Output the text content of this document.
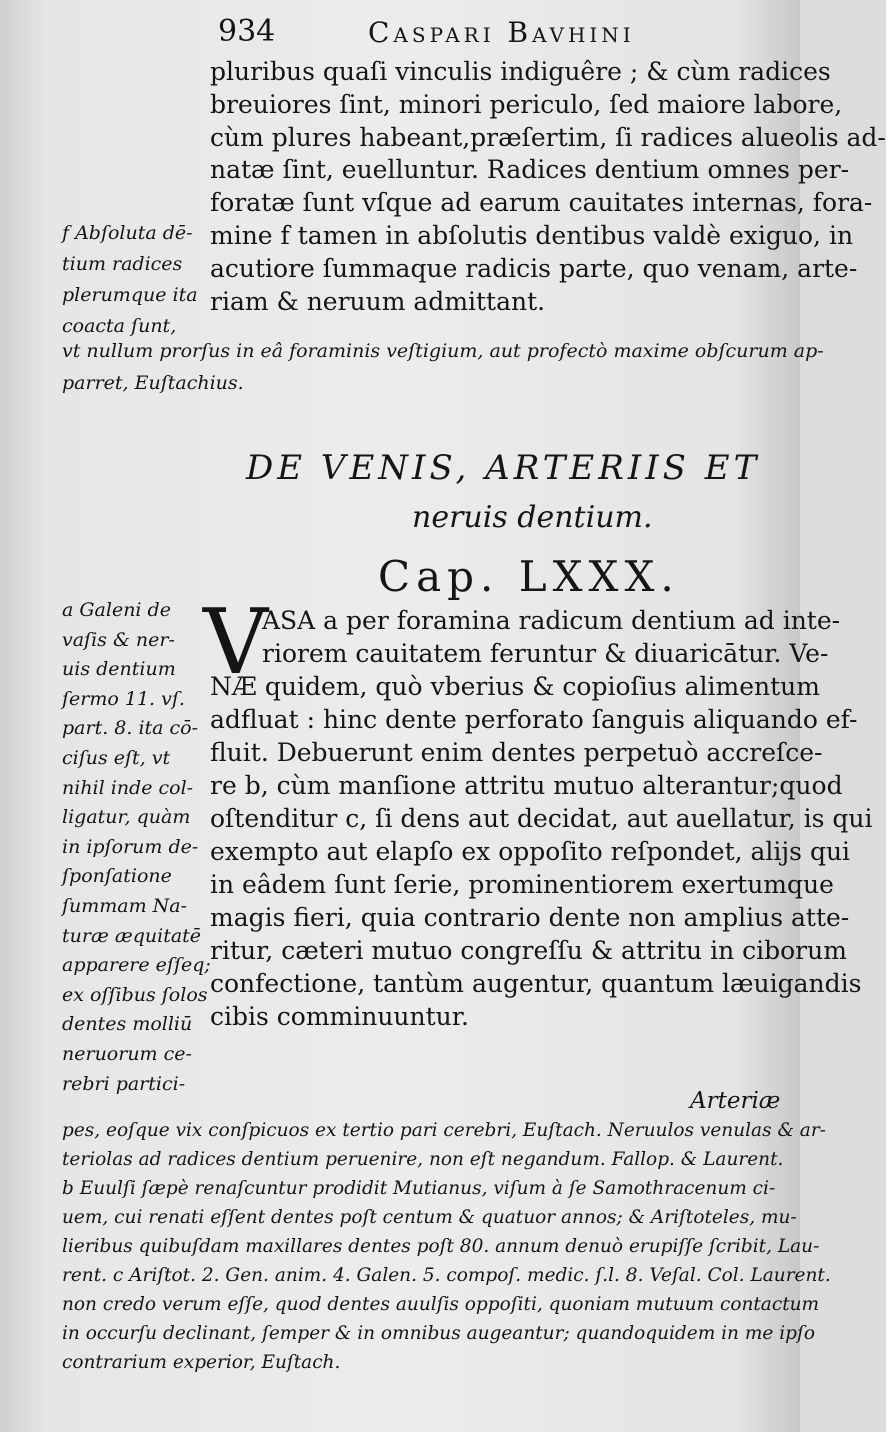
934	Caspari Bavhini
pluribus quaſi vinculis indiguêre ; & cùm radices
breuiores ſint, minori periculo, ſed maiore labore,
cùm plures habeant,præſertim, ſi radices alueolis ad-
natæ ſint, euelluntur. Radices dentium omnes per-
foratæ ſunt vſque ad earum cauitates internas, fora-
mine f tamen in abſolutis dentibus valdè exiguo, in
acutiore ſummaque radicis parte, quo venam, arte-
riam & neruum admittant.
f Abſoluta dē-
tium radices
plerumque ita
coacta ſunt,
vt nullum prorſus in eâ foraminis veſtigium, aut profectò maxime obſcurum ap-
parret, Euſtachius.
DE VENIS, ARTERIIS ET
neruis dentium.
Cap. LXXX.
V
ASA a per foramina radicum dentium ad inte-
riorem cauitatem feruntur & diuaricātur. Ve-
NÆ quidem, quò vberius & copioſius alimentum
adfluat : hinc dente perforato ſanguis aliquando ef-
fluit. Debuerunt enim dentes perpetuò accreſce-
re b, cùm manſione attritu mutuo alterantur;quod
oſtenditur c, ſi dens aut decidat, aut auellatur, is qui
exempto aut elapſo ex oppoſito reſpondet, alijs qui
in eâdem ſunt ſerie, prominentiorem exertumque
magis fieri, quia contrario dente non amplius atte-
ritur, cæteri mutuo congreſſu & attritu in ciborum
confectione, tantùm augentur, quantum læuigandis
cibis comminuuntur.
a Galeni de
vaſis & ner-
uis dentium
ſermo 11. vſ.
part. 8. ita cō-
ciſus eſt, vt
nihil inde col-
ligatur, quàm
in ipſorum de-
ſponſatione
ſummam Na-
turæ æquitatē
apparere eſſeq;
ex oſſibus ſolos
dentes molliū
neruorum ce-
rebri partici-
Arteriæ
pes, eoſque vix conſpicuos ex tertio pari cerebri, Euſtach. Neruulos venulas & ar-
teriolas ad radices dentium peruenire, non eſt negandum. Fallop. & Laurent.
b Euulſi ſæpè renaſcuntur prodidit Mutianus, viſum à ſe Samothracenum ci-
uem, cui renati eſſent dentes poſt centum & quatuor annos; & Ariſtoteles, mu-
lieribus quibuſdam maxillares dentes poſt 80. annum denuò erupiſſe ſcribit, Lau-
rent. c Ariſtot. 2. Gen. anim. 4. Galen. 5. compoſ. medic. ſ.l. 8. Veſal. Col. Laurent.
non credo verum eſſe, quod dentes auulſis oppoſiti, quoniam mutuum contactum
in occurſu declinant, ſemper & in omnibus augeantur; quandoquidem in me ipſo
contrarium experior, Euſtach.
